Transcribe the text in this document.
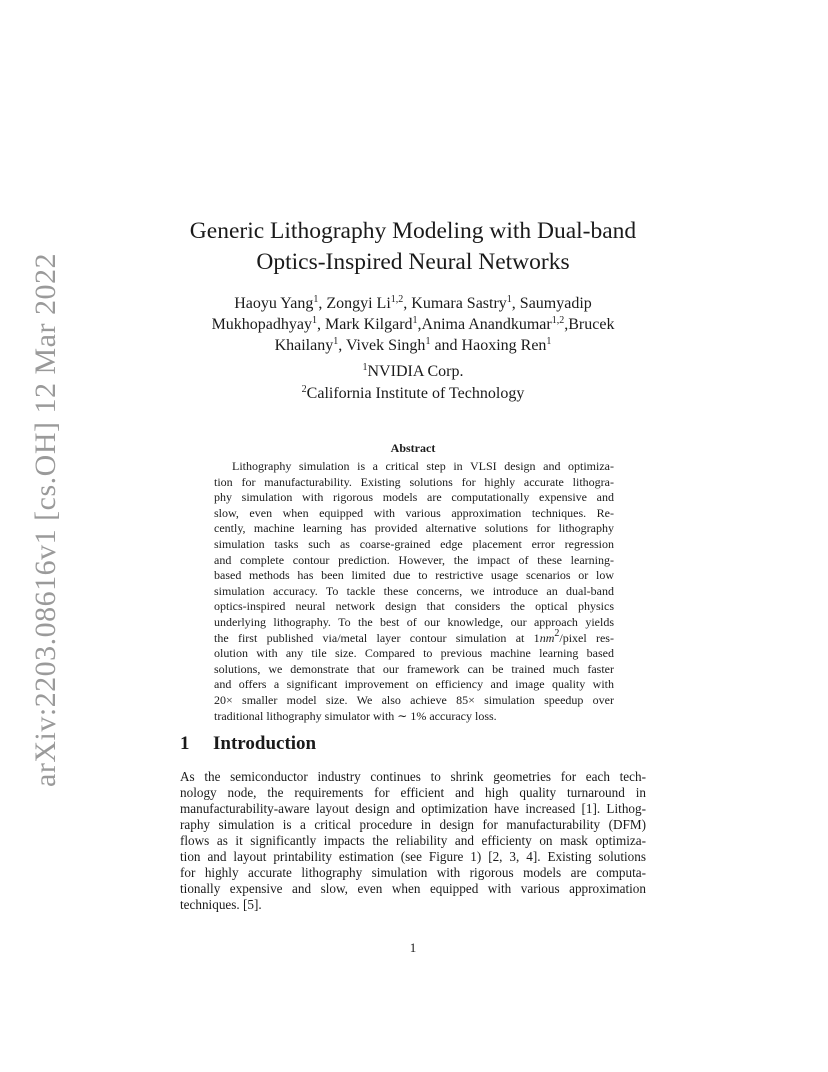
arXiv:2203.08616v1 [cs.OH] 12 Mar 2022
Generic Lithography Modeling with Dual-band
Optics-Inspired Neural Networks
Haoyu Yang$^1$, Zongyi Li$^{1,2}$, Kumara Sastry$^1$, Saumyadip
Mukhopadhyay$^1$, Mark Kilgard$^1$,Anima Anandkumar$^{1,2}$,Brucek
Khailany$^1$, Vivek Singh$^1$ and Haoxing Ren$^1$
$^1$NVIDIA Corp.
$^2$California Institute of Technology
Abstract
Lithography simulation is a critical step in VLSI design and optimiza-
tion for manufacturability. Existing solutions for highly accurate lithogra-
phy simulation with rigorous models are computationally expensive and
slow, even when equipped with various approximation techniques. Re-
cently, machine learning has provided alternative solutions for lithography
simulation tasks such as coarse-grained edge placement error regression
and complete contour prediction. However, the impact of these learning-
based methods has been limited due to restrictive usage scenarios or low
simulation accuracy. To tackle these concerns, we introduce an dual-band
optics-inspired neural network design that considers the optical physics
underlying lithography. To the best of our knowledge, our approach yields
the first published via/metal layer contour simulation at $1nm^2$/pixel res-
olution with any tile size. Compared to previous machine learning based
solutions, we demonstrate that our framework can be trained much faster
and offers a significant improvement on efficiency and image quality with
20× smaller model size. We also achieve 85× simulation speedup over
traditional lithography simulator with ∼ 1% accuracy loss.
1 Introduction
As the semiconductor industry continues to shrink geometries for each tech-
nology node, the requirements for efficient and high quality turnaround in
manufacturability-aware layout design and optimization have increased [1]. Lithog-
raphy simulation is a critical procedure in design for manufacturability (DFM)
flows as it significantly impacts the reliability and efficienty on mask optimiza-
tion and layout printability estimation (see Figure 1) [2, 3, 4]. Existing solutions
for highly accurate lithography simulation with rigorous models are computa-
tionally expensive and slow, even when equipped with various approximation
techniques. [5].
1
